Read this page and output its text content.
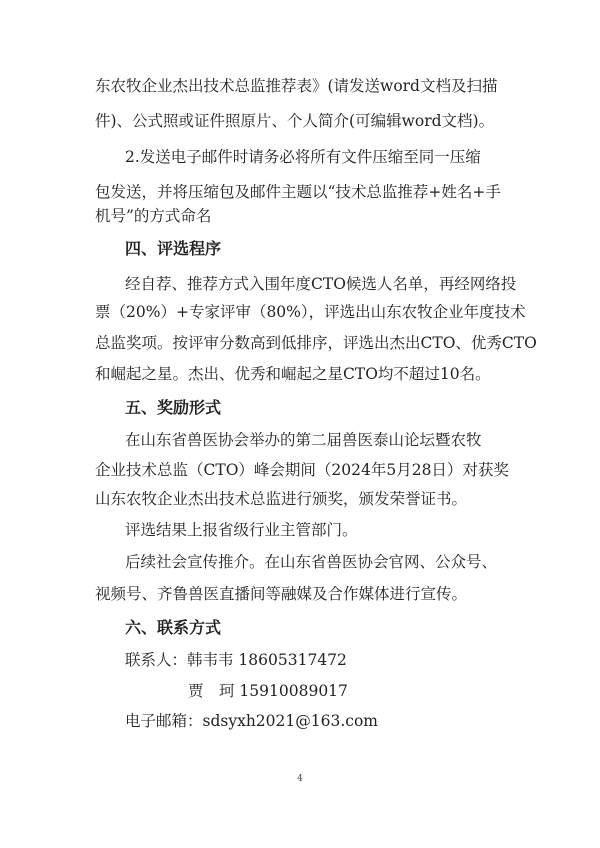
东农牧企业杰出技术总监推荐表》(请发送word文档及扫描

件)、公式照或证件照原片、个人简介(可编辑word文档)。

2.发送电子邮件时请务必将所有文件压缩至同一压缩

包发送，并将压缩包及邮件主题以“技术总监推荐+姓名+手

机号”的方式命名

四、评选程序

经自荐、推荐方式入围年度CTO候选人名单，再经网络投

票（20%）+专家评审（80%），评选出山东农牧企业年度技术

总监奖项。按评审分数高到低排序，评选出杰出CTO、优秀CTO

和崛起之星。杰出、优秀和崛起之星CTO均不超过10名。

五、奖励形式

在山东省兽医协会举办的第二届兽医泰山论坛暨农牧

企业技术总监（CTO）峰会期间（2024年5月28日）对获奖

山东农牧企业杰出技术总监进行颁奖，颁发荣誉证书。

评选结果上报省级行业主管部门。

后续社会宣传推介。在山东省兽医协会官网、公众号、

视频号、齐鲁兽医直播间等融媒及合作媒体进行宣传。

六、联系方式

联系人：韩韦韦 18605317472

贾　珂 15910089017

电子邮箱：sdsyxh2021@163.com

4
